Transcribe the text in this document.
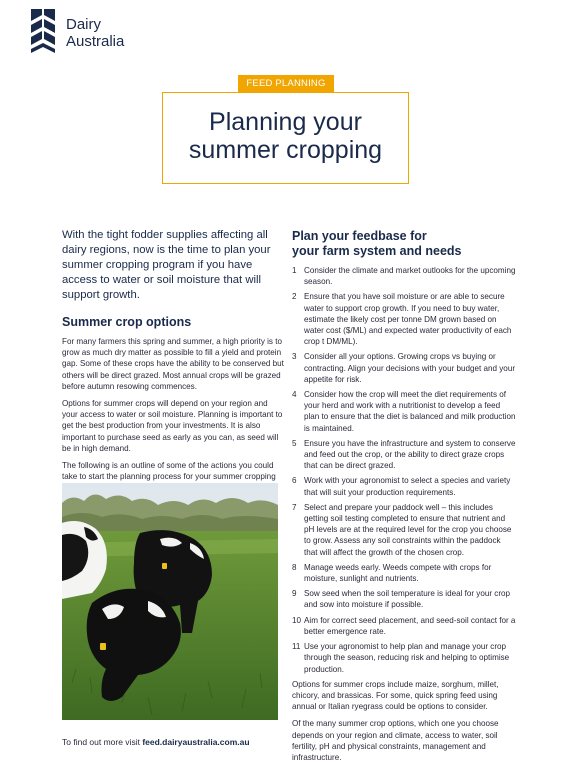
Dairy
Australia
FEED PLANNING
Planning your
summer cropping

With the tight fodder supplies affecting all dairy regions, now is the time to plan your summer cropping program if you have access to water or soil moisture that will support growth.

Summer crop options

For many farmers this spring and summer, a high priority is to grow as much dry matter as possible to fill a yield and protein gap. Some of these crops have the ability to be conserved but others will be direct grazed. Most annual crops will be grazed before autumn resowing commences.

Options for summer crops will depend on your region and your access to water or soil moisture. Planning is important to get the best production from your investments. It is also important to purchase seed as early as you can, as seed will be in high demand.

The following is an outline of some of the actions you could take to start the planning process for your summer cropping

Plan your feedbase for
your farm system and needs
1 Consider the climate and market outlooks for the upcoming season.
2 Ensure that you have soil moisture or are able to secure water to support crop growth. If you need to buy water, estimate the likely cost per tonne DM grown based on water cost ($/ML) and expected water productivity of each crop t DM/ML).
3 Consider all your options. Growing crops vs buying or contracting. Align your decisions with your budget and your appetite for risk.
4 Consider how the crop will meet the diet requirements of your herd and work with a nutritionist to develop a feed plan to ensure that the diet is balanced and milk production is maintained.
5 Ensure you have the infrastructure and system to conserve and feed out the crop, or the ability to direct graze crops that can be direct grazed.
6 Work with your agronomist to select a species and variety that will suit your production requirements.
7 Select and prepare your paddock well – this includes getting soil testing completed to ensure that nutrient and pH levels are at the required level for the crop you choose to grow. Assess any soil constraints within the paddock that will affect the growth of the chosen crop.
8 Manage weeds early. Weeds compete with crops for moisture, sunlight and nutrients.
9 Sow seed when the soil temperature is ideal for your crop and sow into moisture if possible.
10 Aim for correct seed placement, and seed-soil contact for a better emergence rate.
11 Use your agronomist to help plan and manage your crop through the season, reducing risk and helping to optimise production.

Options for summer crops include maize, sorghum, millet, chicory, and brassicas. For some, quick spring feed using annual or Italian ryegrass could be options to consider.

Of the many summer crop options, which one you choose depends on your region and climate, access to water, soil fertility, pH and physical constraints, management and infrastructure.

To find out more visit feed.dairyaustralia.com.au
